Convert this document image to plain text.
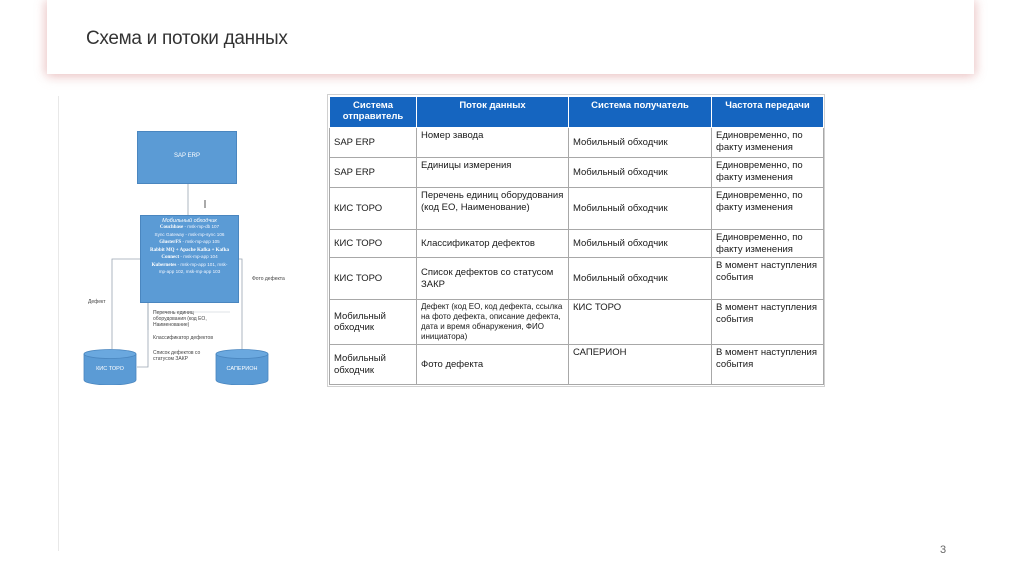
Схема и потоки данных
SAP ERP
Мобильный обходчик
Couchbase - msk-mp-db 107
Sync Gateway - msk-mp-sync 106
GlusterFS - msk-mp-app 105
Rabbit MQ + Apache Kafka + Kafka
Connect - msk-mp-app 104
Kubernetes - msk-mp-app 101, msk-
mp-app 102, msk-mp-app 103
КИС ТОРО	САПЕРИОН
Дефект
Фото дефекта
Перечень единиц оборудования (код ЕО, Наименование)
Классификатор дефектов
Список дефектов со статусом ЗАКР
Система отправитель	Поток данных	Система получатель	Частота передачи
SAP ERP	Номер завода	Мобильный обходчик	Единовременно, по факту изменения
SAP ERP	Единицы измерения	Мобильный обходчик	Единовременно, по факту изменения
КИС ТОРО	Перечень единиц оборудования (код ЕО, Наименование)	Мобильный обходчик	Единовременно, по факту изменения
КИС ТОРО	Классификатор дефектов	Мобильный обходчик	Единовременно, по факту изменения
КИС ТОРО	Список дефектов со статусом ЗАКР	Мобильный обходчик	В момент наступления события
Мобильный обходчик	Дефект (код ЕО, код дефекта, ссылка на фото дефекта, описание дефекта, дата и время обнаружения, ФИО инициатора)	КИС ТОРО	В момент наступления события
Мобильный обходчик	Фото дефекта	САПЕРИОН	В момент наступления события
3
